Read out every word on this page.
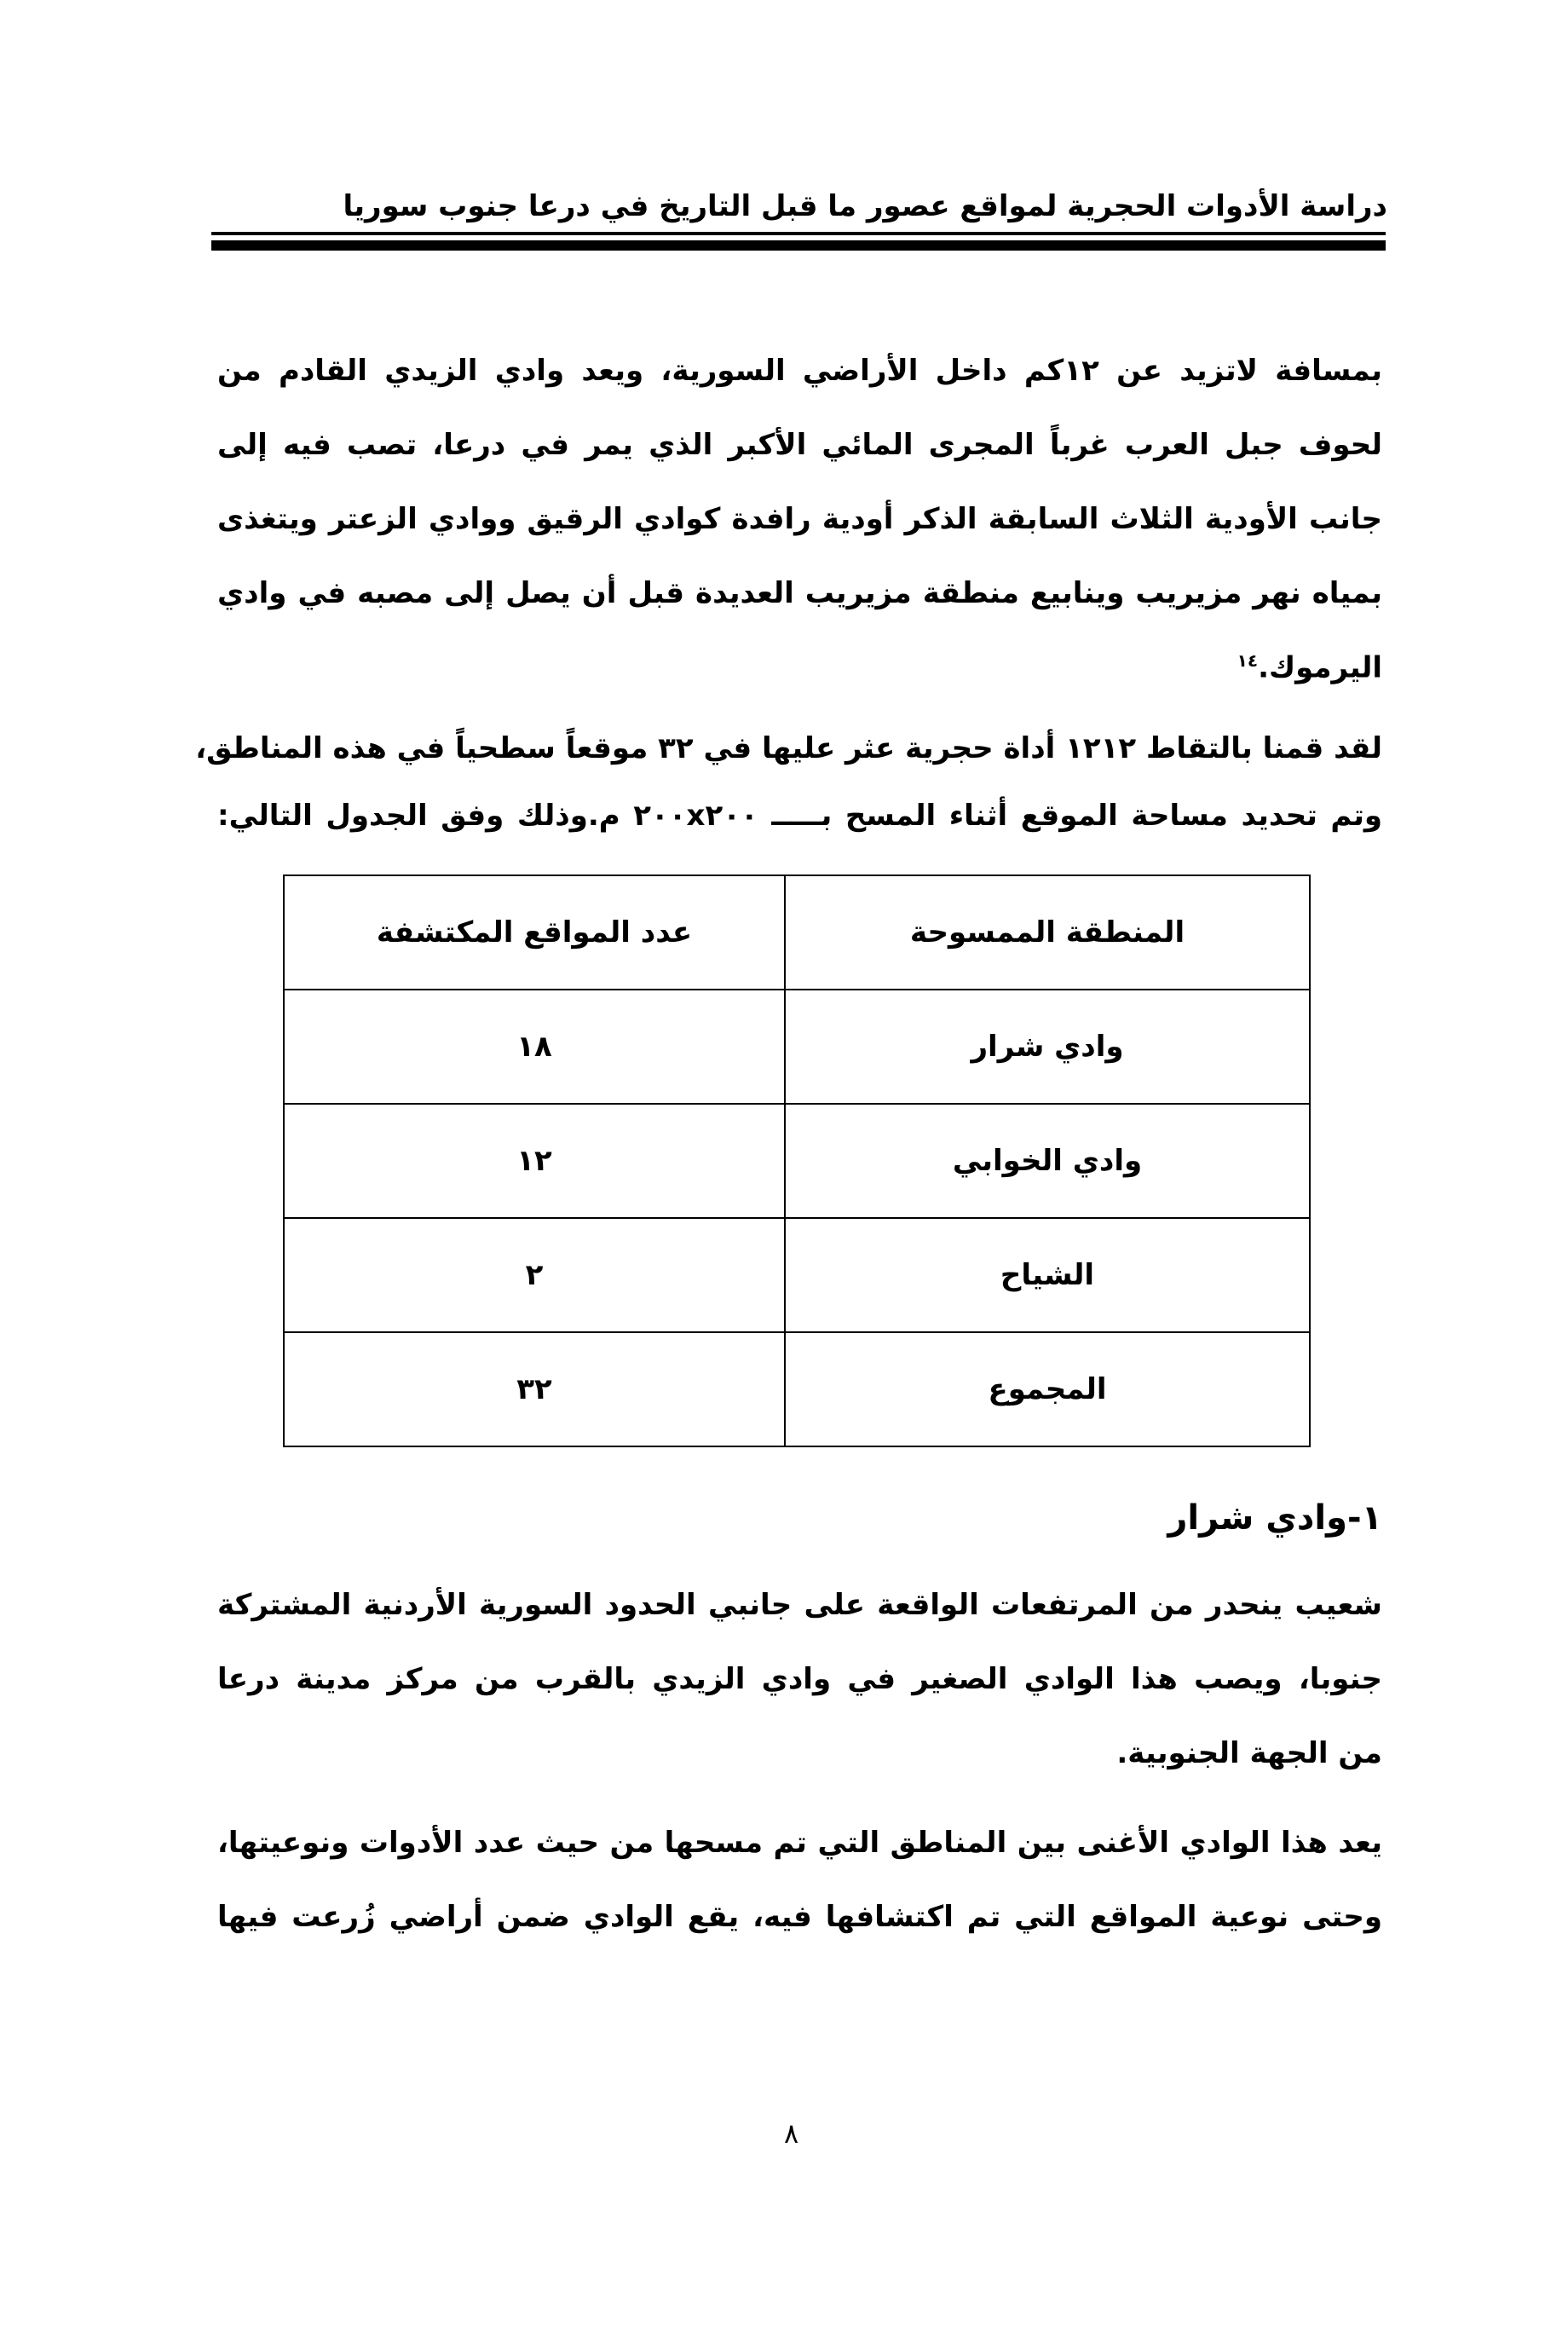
دراسة الأدوات الحجرية لمواقع عصور ما قبل التاريخ في درعا جنوب سوريا
بمسافة لاتزيد عن ١٢كم داخل الأراضي السورية، ويعد وادي الزيدي القادم من
لحوف جبل العرب غرباً المجرى المائي الأكبر الذي يمر في درعا، تصب فيه إلى
جانب الأودية الثلاث السابقة الذكر أودية رافدة كوادي الرقيق ووادي الزعتر ويتغذى
بمياه نهر مزيريب وينابيع منطقة مزيريب العديدة قبل أن يصل إلى مصبه في وادي
اليرموك.$^{١٤}$
لقد قمنا بالتقاط ١٢١٢ أداة حجرية عثر عليها في ٣٢ موقعاً سطحياً في هذه المناطق،
وتم تحديد مساحة الموقع أثناء المسح بـــــ ٢٠٠x٢٠٠ م.وذلك وفق الجدول التالي:
المنطقة الممسوحة	عدد المواقع المكتشفة
وادي شرار	١٨
وادي الخوابي	١٢
الشياح	٢
المجموع	٣٢
١-وادي شرار
شعيب ينحدر من المرتفعات الواقعة على جانبي الحدود السورية الأردنية المشتركة
جنوبا، ويصب هذا الوادي الصغير في وادي الزيدي بالقرب من مركز مدينة درعا
من الجهة الجنوبية.
يعد هذا الوادي الأغنى بين المناطق التي تم مسحها من حيث عدد الأدوات ونوعيتها،
وحتى نوعية المواقع التي تم اكتشافها فيه، يقع الوادي ضمن أراضي زُرعت فيها
٨
